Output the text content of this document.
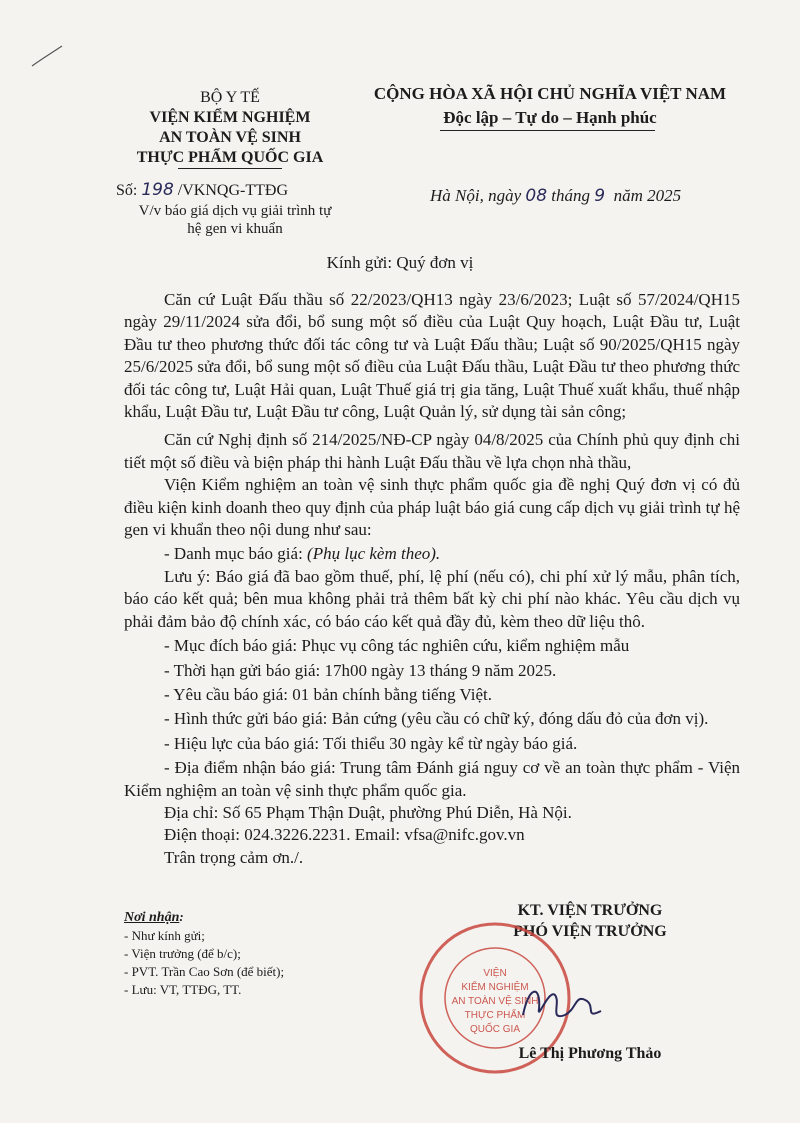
BỘ Y TẾ
VIỆN KIỂM NGHIỆM
AN TOÀN VỆ SINH
THỰC PHẨM QUỐC GIA
CỘNG HÒA XÃ HỘI CHỦ NGHĨA VIỆT NAM
Độc lập – Tự do – Hạnh phúc
Số: 198 /VKNQG-TTĐG
V/v báo giá dịch vụ giải trình tự
hệ gen vi khuẩn
Hà Nội, ngày 08 tháng 9 năm 2025
Kính gửi: Quý đơn vị

Căn cứ Luật Đấu thầu số 22/2023/QH13 ngày 23/6/2023; Luật số 57/2024/QH15 ngày 29/11/2024 sửa đổi, bổ sung một số điều của Luật Quy hoạch, Luật Đầu tư, Luật Đầu tư theo phương thức đối tác công tư và Luật Đấu thầu; Luật số 90/2025/QH15 ngày 25/6/2025 sửa đổi, bổ sung một số điều của Luật Đấu thầu, Luật Đầu tư theo phương thức đối tác công tư, Luật Hải quan, Luật Thuế giá trị gia tăng, Luật Thuế xuất khẩu, thuế nhập khẩu, Luật Đầu tư, Luật Đầu tư công, Luật Quản lý, sử dụng tài sản công;

Căn cứ Nghị định số 214/2025/NĐ-CP ngày 04/8/2025 của Chính phủ quy định chi tiết một số điều và biện pháp thi hành Luật Đấu thầu về lựa chọn nhà thầu,

Viện Kiểm nghiệm an toàn vệ sinh thực phẩm quốc gia đề nghị Quý đơn vị có đủ điều kiện kinh doanh theo quy định của pháp luật báo giá cung cấp dịch vụ giải trình tự hệ gen vi khuẩn theo nội dung như sau:

- Danh mục báo giá: (Phụ lục kèm theo).

Lưu ý: Báo giá đã bao gồm thuế, phí, lệ phí (nếu có), chi phí xử lý mẫu, phân tích, báo cáo kết quả; bên mua không phải trả thêm bất kỳ chi phí nào khác. Yêu cầu dịch vụ phải đảm bảo độ chính xác, có báo cáo kết quả đầy đủ, kèm theo dữ liệu thô.

- Mục đích báo giá: Phục vụ công tác nghiên cứu, kiểm nghiệm mẫu

- Thời hạn gửi báo giá: 17h00 ngày 13 tháng 9 năm 2025.

- Yêu cầu báo giá: 01 bản chính bằng tiếng Việt.

- Hình thức gửi báo giá: Bản cứng (yêu cầu có chữ ký, đóng dấu đỏ của đơn vị).

- Hiệu lực của báo giá: Tối thiểu 30 ngày kể từ ngày báo giá.

- Địa điểm nhận báo giá: Trung tâm Đánh giá nguy cơ về an toàn thực phẩm - Viện Kiểm nghiệm an toàn vệ sinh thực phẩm quốc gia.

Địa chỉ: Số 65 Phạm Thận Duật, phường Phú Diễn, Hà Nội.

Điện thoại: 024.3226.2231. Email: vfsa@nifc.gov.vn

Trân trọng cảm ơn./.

Nơi nhận:
- Như kính gửi;
- Viện trưởng (để b/c);
- PVT. Trần Cao Sơn (để biết);
- Lưu: VT, TTĐG, TT.
KT. VIỆN TRƯỞNG
PHÓ VIỆN TRƯỞNG
VIỆN
KIỂM NGHIỆM
AN TOÀN VỆ SINH
THỰC PHẨM
QUỐC GIA
Lê Thị Phương Thảo
